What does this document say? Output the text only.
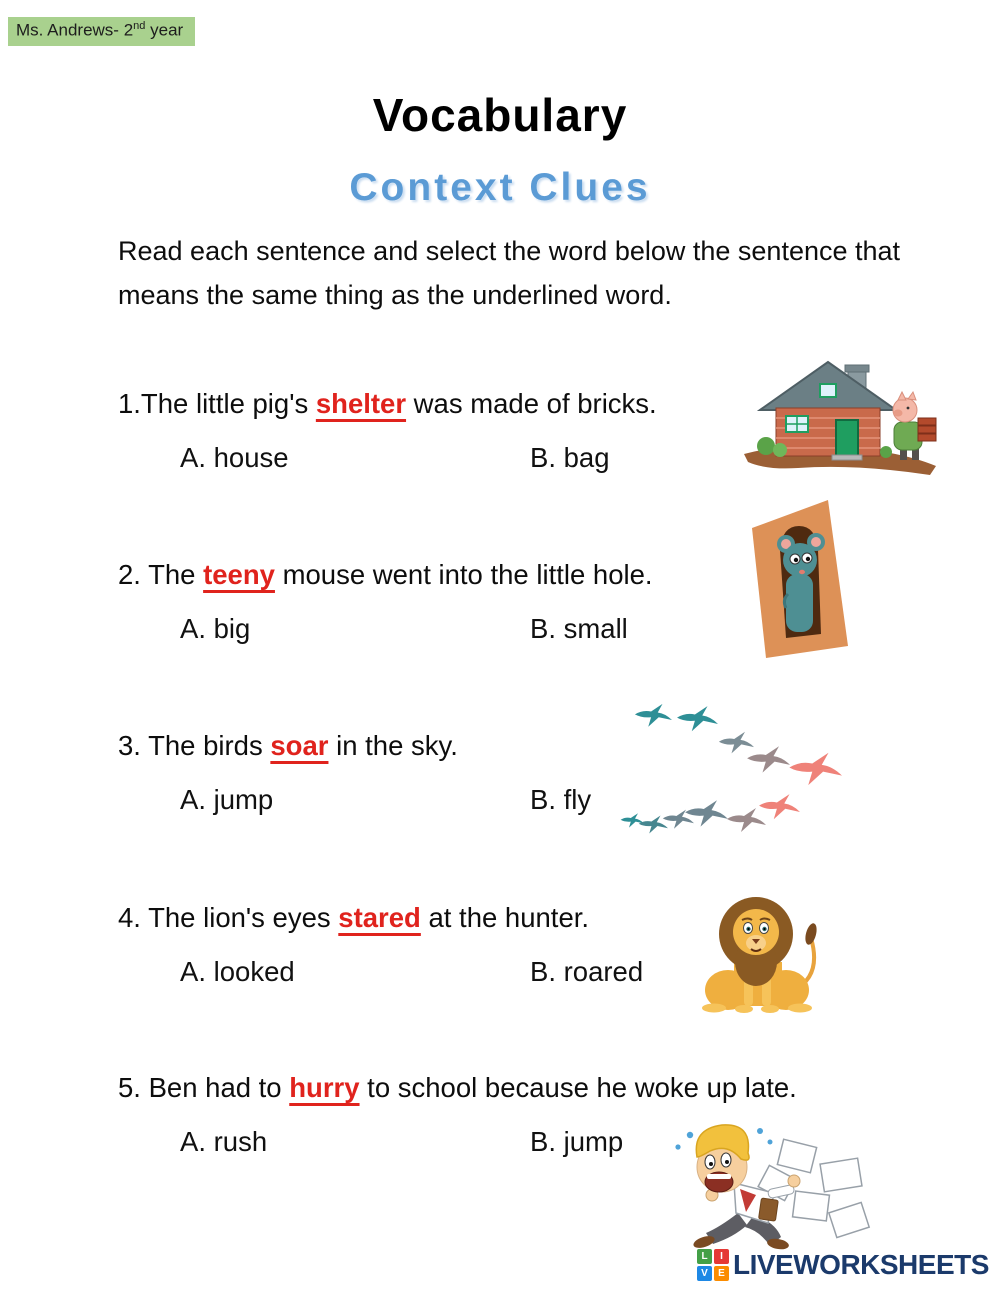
Ms. Andrews- 2nd year
Vocabulary
Context Clues
Read each sentence and select the word below the sentence that means the same thing as the underlined word.
1.The little pig's shelter was made of bricks.
A. house	B. bag
2. The teeny mouse went into the little hole.
A. big	B. small
3. The birds soar in the sky.
A. jump	B. fly
4. The lion's eyes stared at the hunter.
A. looked	B. roared
5. Ben had to hurry to school because he woke up late.
A. rush	B. jump
L	I
V	E LIVEWORKSHEETS
